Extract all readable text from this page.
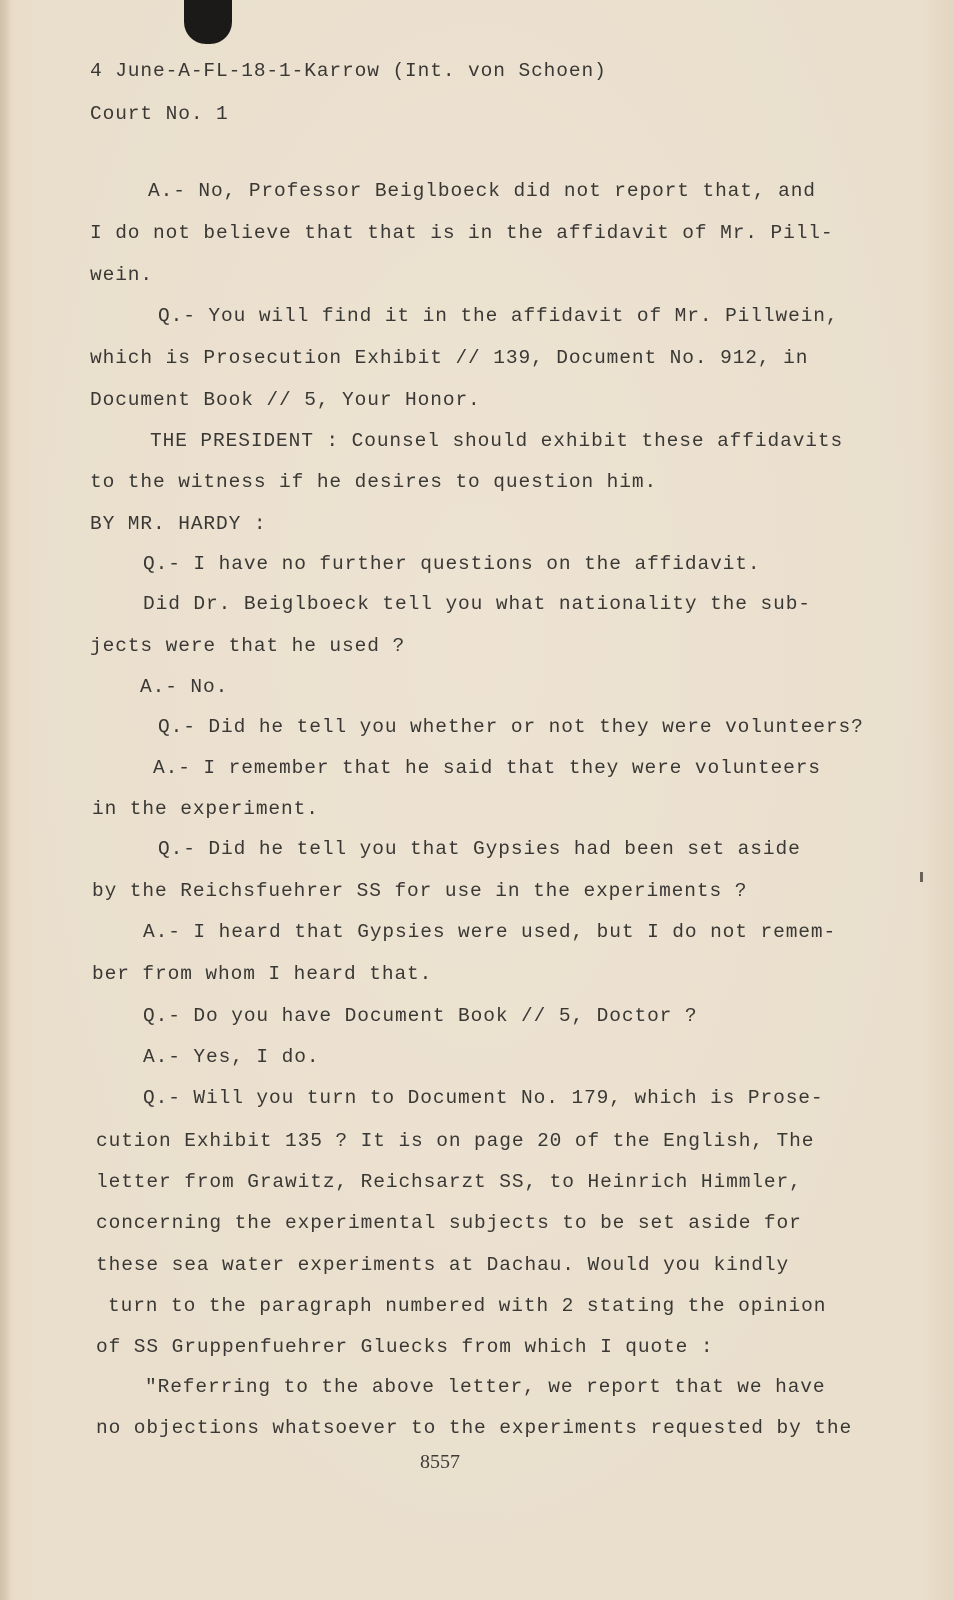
4 June-A-FL-18-1-Karrow (Int. von Schoen)
Court No. 1
A.- No, Professor Beiglboeck did not report that, and
I do not believe that that is in the affidavit of Mr. Pill-
wein.
Q.- You will find it in the affidavit of Mr. Pillwein,
which is Prosecution Exhibit // 139, Document No. 912, in
Document Book // 5, Your Honor.
THE PRESIDENT : Counsel should exhibit these affidavits
to the witness if he desires to question him.
BY MR. HARDY :
Q.- I have no further questions on the affidavit.
Did Dr. Beiglboeck tell you what nationality the sub-
jects were that he used ?
A.- No.
Q.- Did he tell you whether or not they were volunteers?
A.- I remember that he said that they were volunteers
in the experiment.
Q.- Did he tell you that Gypsies had been set aside
by the Reichsfuehrer SS for use in the experiments ?
A.- I heard that Gypsies were used, but I do not remem-
ber from whom I heard that.
Q.- Do you have Document Book // 5, Doctor ?
A.- Yes, I do.
Q.- Will you turn to Document No. 179, which is Prose-
cution Exhibit 135 ? It is on page 20 of the English, The
letter from Grawitz, Reichsarzt SS, to Heinrich Himmler,
concerning the experimental subjects to be set aside for
these sea water experiments at Dachau. Would you kindly
turn to the paragraph numbered with 2 stating the opinion
of SS Gruppenfuehrer Gluecks from which I quote :
"Referring to the above letter, we report that we have
no objections whatsoever to the experiments requested by the
8557
